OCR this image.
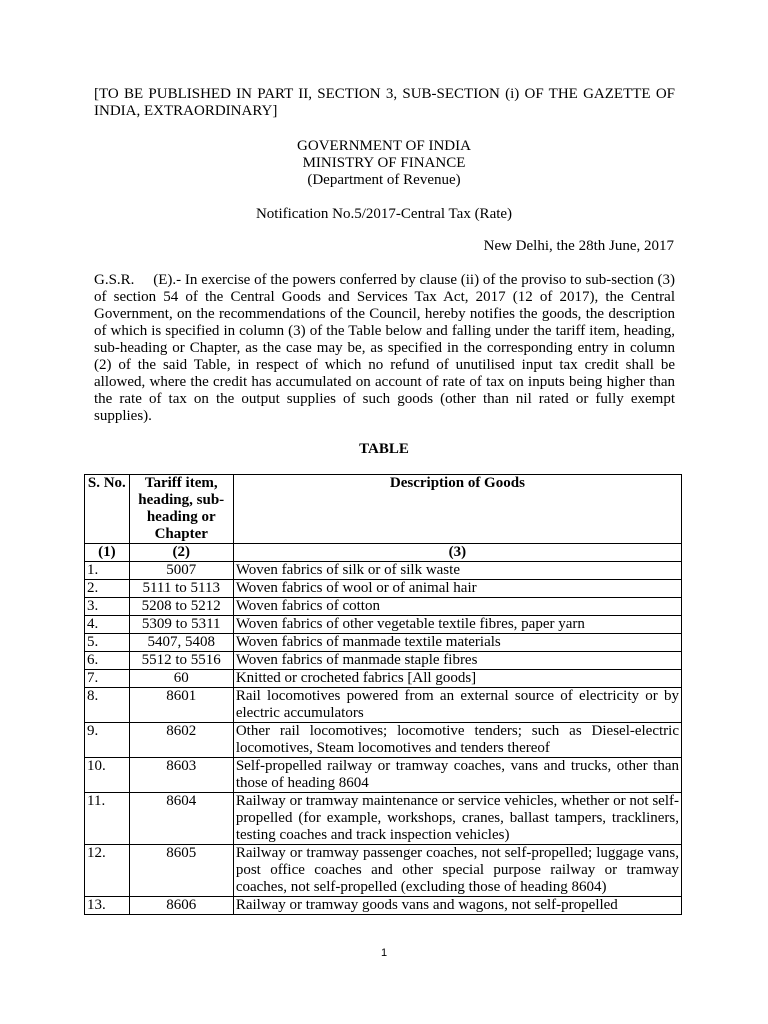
[TO BE PUBLISHED IN PART II, SECTION 3, SUB-SECTION (i) OF THE GAZETTE OF INDIA, EXTRAORDINARY]
GOVERNMENT OF INDIA
MINISTRY OF FINANCE
(Department of Revenue)
Notification No.5/2017-Central Tax (Rate)
New Delhi, the 28th June, 2017
G.S.R.     (E).- In exercise of the powers conferred by clause (ii) of the proviso to sub-section (3) of section 54 of the Central Goods and Services Tax Act, 2017 (12 of 2017), the Central Government, on the recommendations of the Council, hereby notifies the goods, the description of which is specified in column (3) of the Table below and falling under the tariff item, heading, sub-heading or Chapter, as the case may be, as specified in the corresponding entry in column (2) of the said Table, in respect of which no refund of unutilised input tax credit shall be allowed, where the credit has accumulated on account of rate of tax on inputs being higher than the rate of tax on the output supplies of such goods (other than nil rated or fully exempt supplies).
TABLE
S. No.	Tariff item, heading, sub-heading or Chapter	Description of Goods
(1)	(2)	(3)
1.	5007	Woven fabrics of silk or of silk waste
2.	5111 to 5113	Woven fabrics of wool or of animal hair
3.	5208 to 5212	Woven fabrics of cotton
4.	5309 to 5311	Woven fabrics of other vegetable textile fibres, paper yarn
5.	5407, 5408	Woven fabrics of manmade textile materials
6.	5512 to 5516	Woven fabrics of manmade staple fibres
7.	60	Knitted or crocheted fabrics [All goods]
8.	8601	Rail locomotives powered from an external source of electricity or by electric accumulators
9.	8602	Other rail locomotives; locomotive tenders; such as Diesel-electric locomotives, Steam locomotives and tenders thereof
10.	8603	Self-propelled railway or tramway coaches, vans and trucks, other than those of heading 8604
11.	8604	Railway or tramway maintenance or service vehicles, whether or not self-propelled (for example, workshops, cranes, ballast tampers, trackliners, testing coaches and track inspection vehicles)
12.	8605	Railway or tramway passenger coaches, not self-propelled; luggage vans, post office coaches and other special purpose railway or tramway coaches, not self-propelled (excluding those of heading 8604)
13.	8606	Railway or tramway goods vans and wagons, not self-propelled
1
